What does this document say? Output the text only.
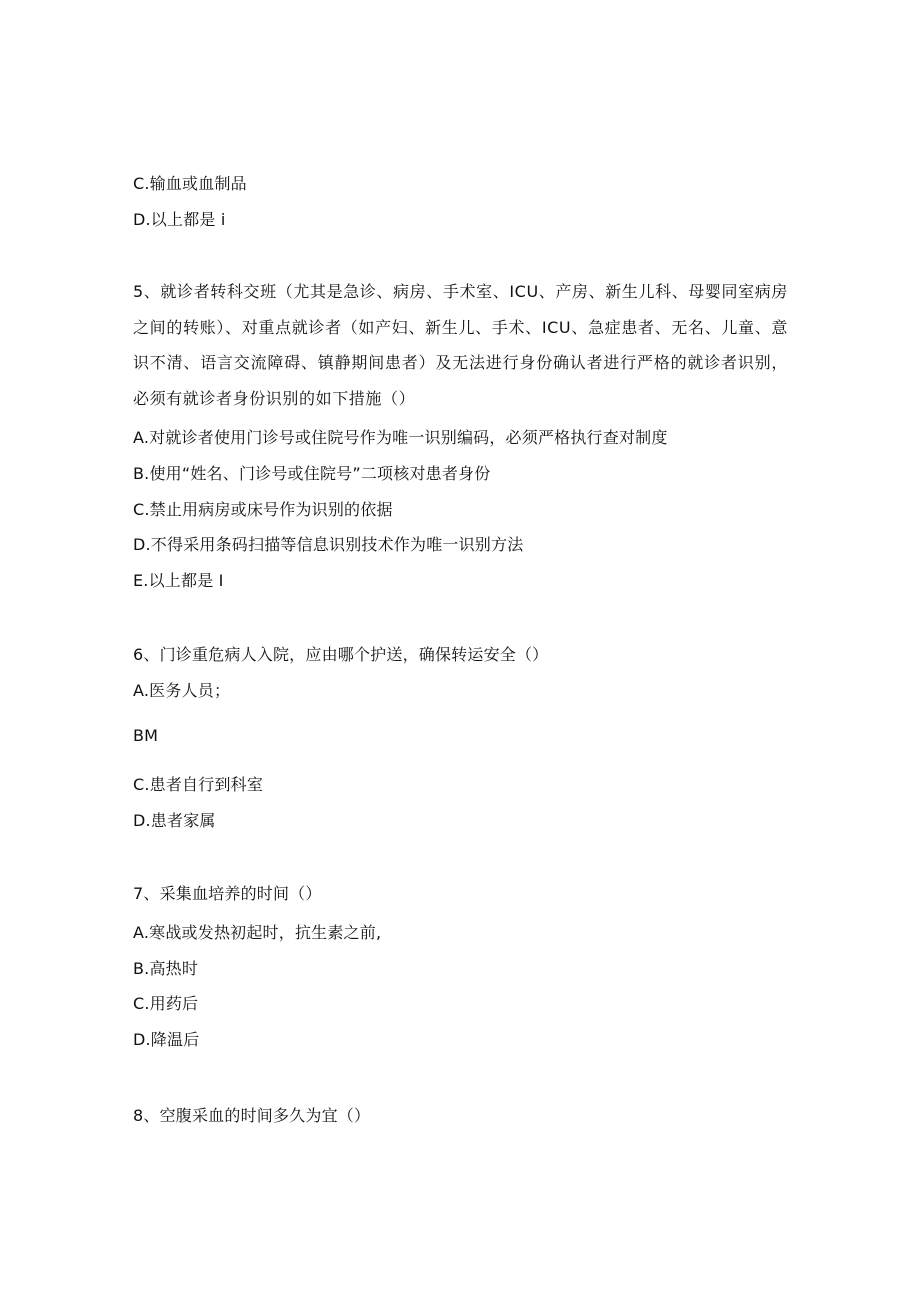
C.输血或血制品
D.以上都是 i
5、就诊者转科交班（尤其是急诊、病房、手术室、ICU、产房、新生儿科、母婴同室病房之间的转账）、对重点就诊者（如产妇、新生儿、手术、ICU、急症患者、无名、儿童、意识不清、语言交流障碍、镇静期间患者）及无法进行身份确认者进行严格的就诊者识别，必须有就诊者身份识别的如下措施（）
A.对就诊者使用门诊号或住院号作为唯一识别编码，必须严格执行查对制度
B.使用“姓名、门诊号或住院号”二项核对患者身份
C.禁止用病房或床号作为识别的依据
D.不得采用条码扫描等信息识别技术作为唯一识别方法
E.以上都是 I
6、门诊重危病人入院，应由哪个护送，确保转运安全（）
A.医务人员；
BM
C.患者自行到科室
D.患者家属
7、采集血培养的时间（）
A.寒战或发热初起时，抗生素之前,
B.高热时
C.用药后
D.降温后
8、空腹采血的时间多久为宜（）
